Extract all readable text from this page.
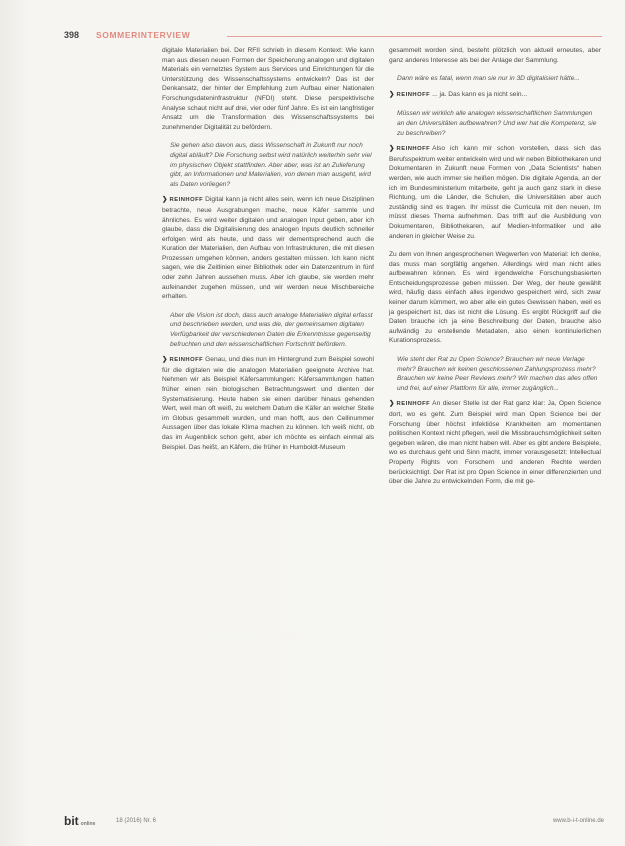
398 SOMMERINTERVIEW

digitale Materialien bei. Der RFII schrieb in diesem Kontext: Wie kann man aus diesen neuen Formen der Speicherung analogen und digitalen Materials ein vernetztes System aus Services und Einrichtungen für die Unterstützung des Wissenschaftssystems entwickeln? Das ist der Denkansatz, der hinter der Empfehlung zum Aufbau einer Nationalen Forschungsdateninfrastruktur (NFDI) steht. Diese perspektivische Analyse schaut nicht auf drei, vier oder fünf Jahre. Es ist ein langfristiger Ansatz um die Transformation des Wissenschaftssystems bei zunehmender Digitalität zu befördern.

Sie gehen also davon aus, dass Wissenschaft in Zukunft nur noch digital abläuft? Die Forschung selbst wird natürlich weiterhin sehr viel im physischen Objekt stattfinden. Aber aber, was ist an Zulieferung gibt, an Informationen und Materialien, von denen man ausgeht, wird als Daten vorliegen?

❯ REINHOFF Digital kann ja nicht alles sein, wenn ich neue Disziplinen betrachte, neue Ausgrabungen mache, neue Käfer sammle und ähnliches. Es wird weiter digitalen und analogen Input geben, aber ich glaube, dass die Digitalisierung des analogen Inputs deutlich schneller erfolgen wird als heute, und dass wir dementsprechend auch die Kuration der Materialien, den Aufbau von Infrastrukturen, die mit diesen Prozessen umgehen können, anders gestalten müssen. Ich kann nicht sagen, wie die Zeitlinien einer Bibliothek oder ein Datenzentrum in fünf oder zehn Jahren aussehen muss. Aber ich glaube, sie werden mehr aufeinander zugehen müssen, und wir werden neue Mischbereiche erhalten.

Aber die Vision ist doch, dass auch analoge Materialien digital erfasst und beschrieben werden, und was die, der gemeinsamen digitalen Verfügbarkeit der verschiedenen Daten die Erkenntnisse gegenseitig befruchten und den wissenschaftlichen Fortschritt befördern.

❯ REINHOFF Genau, und dies nun im Hintergrund zum Beispiel sowohl für die digitalen wie die analogen Materialien geeignete Archive hat. Nehmen wir als Beispiel Käfersammlungen: Käfersammlungen hatten früher einen rein biologischen Betrachtungswert und dienten der Systematisierung. Heute haben sie einen darüber hinaus gehenden Wert, weil man oft weiß, zu welchem Datum die Käfer an welcher Stelle im Globus gesammelt wurden, und man hofft, aus den Cellinummer Aussagen über das lokale Klima machen zu können. Ich weiß nicht, ob das im Augenblick schon geht, aber ich möchte es einfach einmal als Beispiel. Das heißt, an Käfern, die früher in Humboldt-Museum

gesammelt worden sind, besteht plötzlich von aktuell erneutes, aber ganz anderes Interesse als bei der Anlage der Sammlung.

Dann wäre es fatal, wenn man sie nur in 3D digitalisiert hätte...

❯ REINHOFF ... ja. Das kann es ja nicht sein...

Müssen wir wirklich alle analogen wissenschaftlichen Sammlungen an den Universitäten aufbewahren? Und wer hat die Kompetenz, sie zu beschreiben?

❯ REINHOFF Also ich kann mir schon vorstellen, dass sich das Berufsspektrum weiter entwickeln wird und wir neben Bibliothekaren und Dokumentaren in Zukunft neue Formen von „Data Scientists“ haben werden, wie auch immer sie heißen mögen. Die digitale Agenda, an der ich im Bundesministerium mitarbeite, geht ja auch ganz stark in diese Richtung, um die Länder, die Schulen, die Universitäten aber auch zuständig sind es tragen. Ihr müsst die Curricula mit den neuen, Im müsst dieses Thema aufnehmen. Das trifft auf die Ausbildung von Dokumentaren, Bibliothekaren, auf Medien-Informatiker und alle anderen in gleicher Weise zu.

Zu dem von Ihnen angesprochenen Wegwerfen von Material: Ich denke, das muss man sorgfältig angehen. Allerdings wird man nicht alles aufbewahren können. Es wird irgendwelche Forschungsbasierten Entscheidungsprozesse geben müssen. Der Weg, der heute gewählt wird, häufig dass einfach alles irgendwo gespeichert wird, sich zwar keiner darum kümmert, wo aber alle ein gutes Gewissen haben, weil es ja gespeichert ist, das ist nicht die Lösung. Es ergibt Rückgriff auf die Daten brauche ich ja eine Beschreibung der Daten, brauche also aufwändig zu erstellende Metadaten, also einen kontinuierlichen Kurationsprozess.

Wie steht der Rat zu Open Science? Brauchen wir neue Verlage mehr? Brauchen wir keinen geschlossenen Zahlungsprozess mehr? Brauchen wir keine Peer Reviews mehr? Wir machen das alles offen und frei, auf einer Plattform für alle, immer zugänglich...

❯ REINHOFF An dieser Stelle ist der Rat ganz klar: Ja, Open Science dort, wo es geht. Zum Beispiel wird man Open Science bei der Forschung über höchst infektiöse Krankheiten am momentanen politischen Kontext nicht pflegen, weil die Missbrauchsmöglichkeit selten gegeben wären, die man nicht haben will. Aber es gibt andere Beispiele, wo es durchaus geht und Sinn macht, immer vorausgesetzt: Intellectual Property Rights von Forschern und anderen Rechte werden berücksichtigt. Der Rat ist pro Open Science in einer differenzierten und über die Jahre zu entwickelnden Form, die mit ge-

bit online	18 (2016) Nr. 6	www.b-i-t-online.de
